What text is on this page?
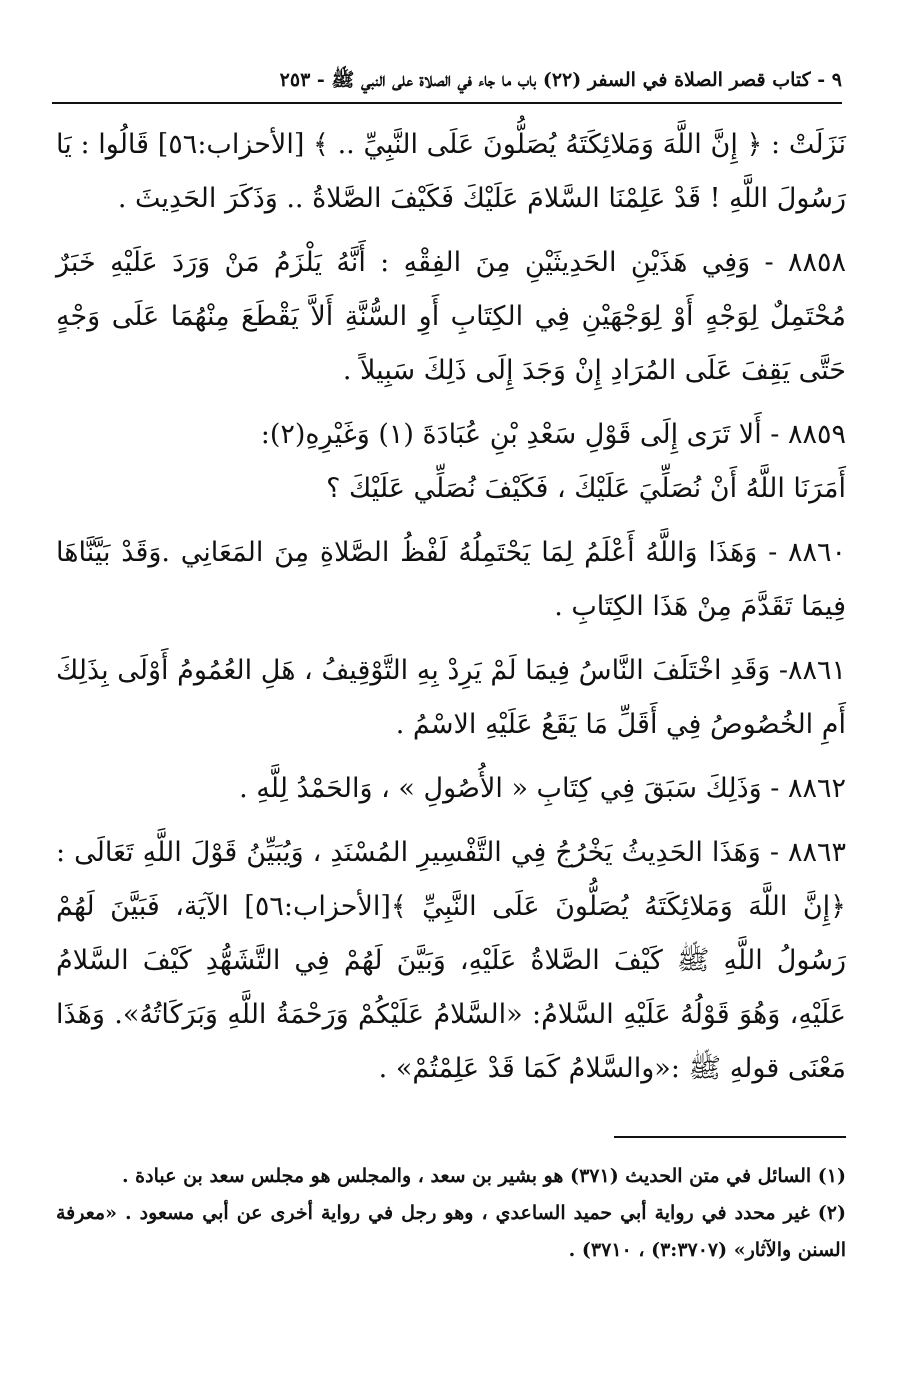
٩ - كتاب قصر الصلاة في السفر (٢٢) باب ما جاء في الصلاة على النبي ﷺ - ٢٥٣

نَزَلَتْ : ﴿ إِنَّ اللَّهَ وَمَلائِكَتَهُ يُصَلُّونَ عَلَى النَّبِيِّ .. ﴾ [الأحزاب:٥٦] قَالُوا : يَا رَسُولَ اللَّهِ ! قَدْ عَلِمْنَا السَّلامَ عَلَيْكَ فَكَيْفَ الصَّلاةُ .. وَذَكَرَ الحَدِيثَ .

٨٨٥٨ - وَفِي هَذَيْنِ الحَدِيثَيْنِ مِنَ الفِقْهِ : أَنَّهُ يَلْزَمُ مَنْ وَرَدَ عَلَيْهِ خَبَرٌ مُحْتَمِلٌ لِوَجْهٍ أَوْ لِوَجْهَيْنِ فِي الكِتَابِ أَوِ السُّنَّةِ أَلاَّ يَقْطَعَ مِنْهُمَا عَلَى وَجْهٍ حَتَّى يَقِفَ عَلَى المُرَادِ إِنْ وَجَدَ إِلَى ذَلِكَ سَبِيلاً .

٨٨٥٩ - أَلا تَرَى إِلَى قَوْلِ سَعْدِ بْنِ عُبَادَةَ (١) وَغَيْرِهِ(٢):

أَمَرَنَا اللَّهُ أَنْ نُصَلِّيَ عَلَيْكَ ، فَكَيْفَ نُصَلِّي عَلَيْكَ ؟

٨٨٦٠ - وَهَذَا وَاللَّهُ أَعْلَمُ لِمَا يَحْتَمِلُهُ لَفْظُ الصَّلاةِ مِنَ المَعَانِي .وَقَدْ بَيَّنَّاهَا فِيمَا تَقَدَّمَ مِنْ هَذَا الكِتَابِ .

٨٨٦١- وَقَدِ اخْتَلَفَ النَّاسُ فِيمَا لَمْ يَرِدْ بِهِ التَّوْقِيفُ ، هَلِ العُمُومُ أَوْلَى بِذَلِكَ أَمِ الخُصُوصُ فِي أَقَلِّ مَا يَقَعُ عَلَيْهِ الاسْمُ .

٨٨٦٢ - وَذَلِكَ سَبَقَ فِي كِتَابِ « الأُصُولِ » ، وَالحَمْدُ لِلَّهِ .

٨٨٦٣ - وَهَذَا الحَدِيثُ يَخْرُجُ فِي التَّفْسِيرِ المُسْنَدِ ، وَيُبَيِّنُ قَوْلَ اللَّهِ تَعَالَى : ﴿إِنَّ اللَّهَ وَمَلائِكَتَهُ يُصَلُّونَ عَلَى النَّبِيِّ ﴾[الأحزاب:٥٦] الآيَة، فَبَيَّنَ لَهُمْ رَسُولُ اللَّهِ ﷺ كَيْفَ الصَّلاةُ عَلَيْهِ، وَبَيَّنَ لَهُمْ فِي التَّشَهُّدِ كَيْفَ السَّلامُ عَلَيْهِ، وَهُوَ قَوْلُهُ عَلَيْهِ السَّلامُ: «السَّلامُ عَلَيْكُمْ وَرَحْمَةُ اللَّهِ وَبَرَكَاتُهُ». وَهَذَا مَعْنَى قولهِ ﷺ :«والسَّلامُ كَمَا قَدْ عَلِمْتُمْ» .

(١) السائل في متن الحديث (٣٧١) هو بشير بن سعد ، والمجلس هو مجلس سعد بن عبادة .

(٢) غير محدد في رواية أبي حميد الساعدي ، وهو رجل في رواية أخرى عن أبي مسعود . «معرفة السنن والآثار» (٣:٣٧٠٧) ، ٣٧١٠) .
